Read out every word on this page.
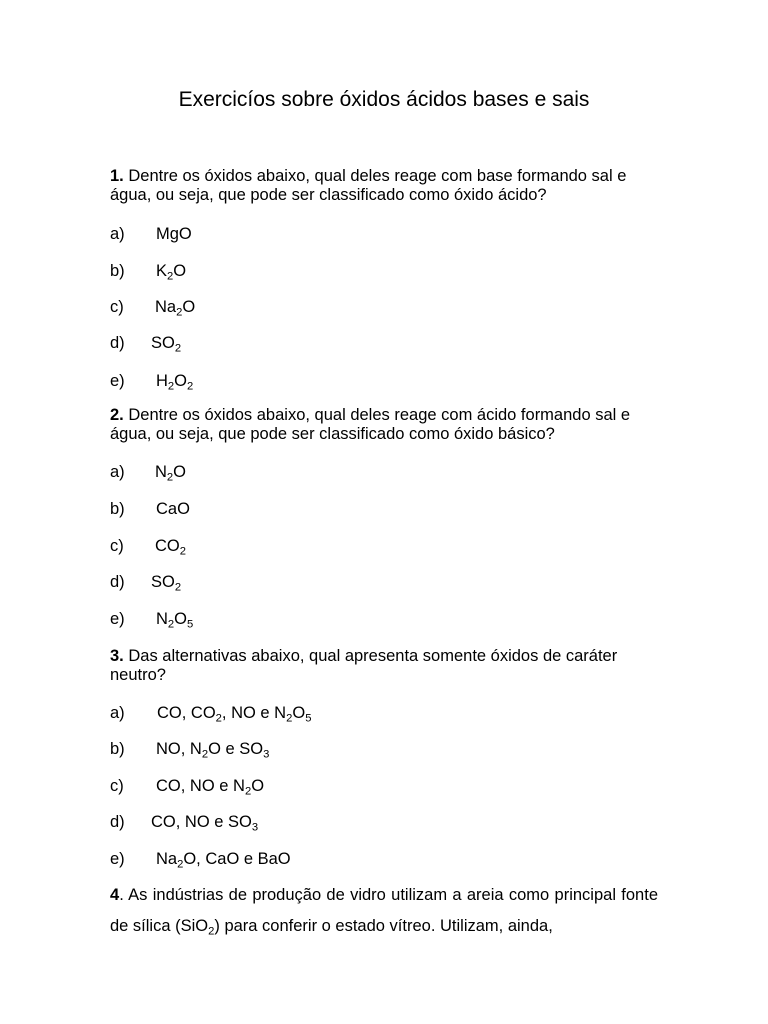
Exercicíos sobre óxidos ácidos bases e sais

1. Dentre os óxidos abaixo, qual deles reage com base formando sal e água, ou seja, que pode ser classificado como óxido ácido?

a) MgO
b) $K_2O$
c) $Na_2O$
d) $SO_2$
e) $H_2O_2$

2. Dentre os óxidos abaixo, qual deles reage com ácido formando sal e água, ou seja, que pode ser classificado como óxido básico?

a) $N_2O$
b) CaO
c) $CO_2$
d) $SO_2$
e) $N_2O_5$

3. Das alternativas abaixo, qual apresenta somente óxidos de caráter neutro?

a) CO, $CO_2$, NO e $N_2O_5$
b) NO, $N_2O$ e $SO_3$
c) CO, NO e $N_2O$
d) CO, NO e $SO_3$
e) $Na_2O$, CaO e BaO

4. As indústrias de produção de vidro utilizam a areia como principal fonte de sílica (SiO$_2$) para conferir o estado vítreo. Utilizam, ainda,
